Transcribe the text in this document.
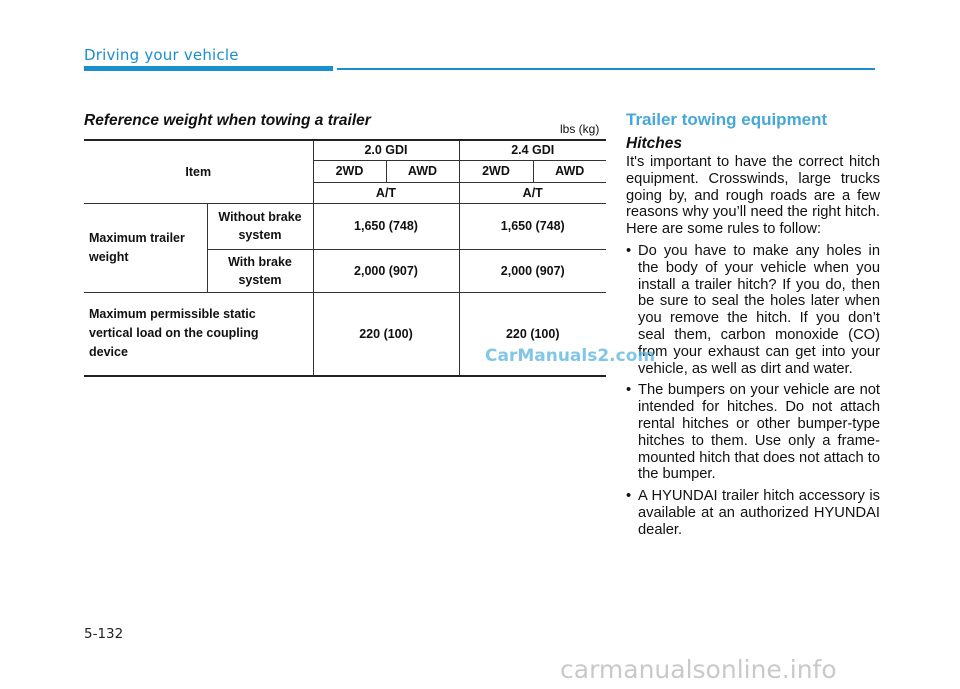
Driving your vehicle
Reference weight when towing a trailer	lbs (kg)
Item		2.0 GDI		2.4 GDI	
		2WD	AWD	2WD	AWD
		A/T		A/T	
Maximum trailer weight	Without brake system	1,650 (748)		1,650 (748)	
	With brake system	2,000 (907)		2,000 (907)	
Maximum permissible static vertical load on the coupling device		220 (100)		220 (100)	
Trailer towing equipment
Hitches

It's important to have the correct hitch equipment. Crosswinds, large trucks going by, and rough roads are a few reasons why you’ll need the right hitch. Here are some rules to follow:

• Do you have to make any holes in the body of your vehicle when you install a trailer hitch? If you do, then be sure to seal the holes later when you remove the hitch. If you don’t seal them, carbon monoxide (CO) from your exhaust can get into your vehicle, as well as dirt and water.
• The bumpers on your vehicle are not intended for hitches. Do not attach rental hitches or other bumper-type hitches to them. Use only a frame-mounted hitch that does not attach to the bumper.
• A HYUNDAI trailer hitch accessory is available at an authorized HYUNDAI dealer.
CarManuals2.com
5-132
carmanualsonline.info
